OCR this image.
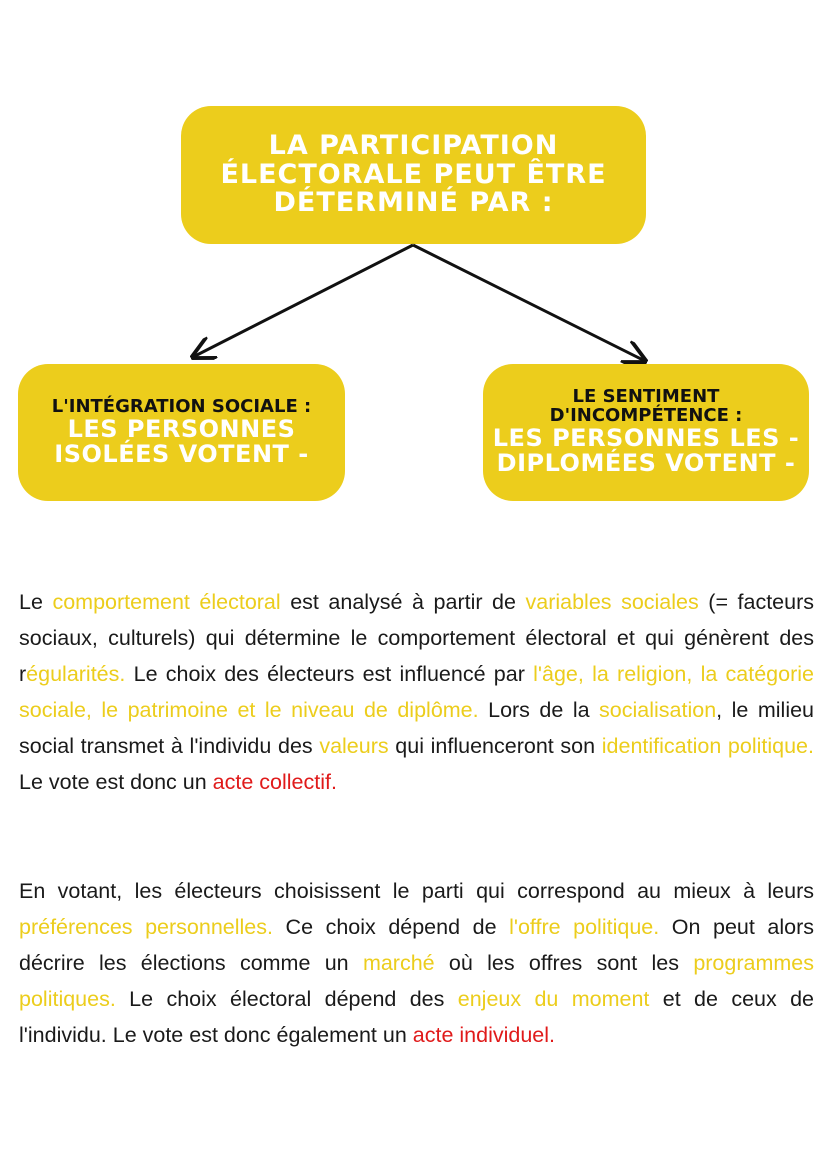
LA PARTICIPATION
ÉLECTORALE PEUT ÊTRE
DÉTERMINÉ PAR :
L'INTÉGRATION SOCIALE :
LES PERSONNES
ISOLÉES VOTENT -
LE SENTIMENT
D'INCOMPÉTENCE :
LES PERSONNES LES -
DIPLOMÉES VOTENT -

Le comportement électoral est analysé à partir de variables sociales (= facteurs sociaux, culturels) qui détermine le comportement électoral et qui génèrent des régularités. Le choix des électeurs est influencé par l'âge, la religion, la catégorie sociale, le patrimoine et le niveau de diplôme. Lors de la socialisation, le milieu social transmet à l'individu des valeurs qui influenceront son identification politique. Le vote est donc un acte collectif.

En votant, les électeurs choisissent le parti qui correspond au mieux à leurs préférences personnelles. Ce choix dépend de l'offre politique. On peut alors décrire les élections comme un marché où les offres sont les programmes politiques. Le choix électoral dépend des enjeux du moment et de ceux de l'individu. Le vote est donc également un acte individuel.
